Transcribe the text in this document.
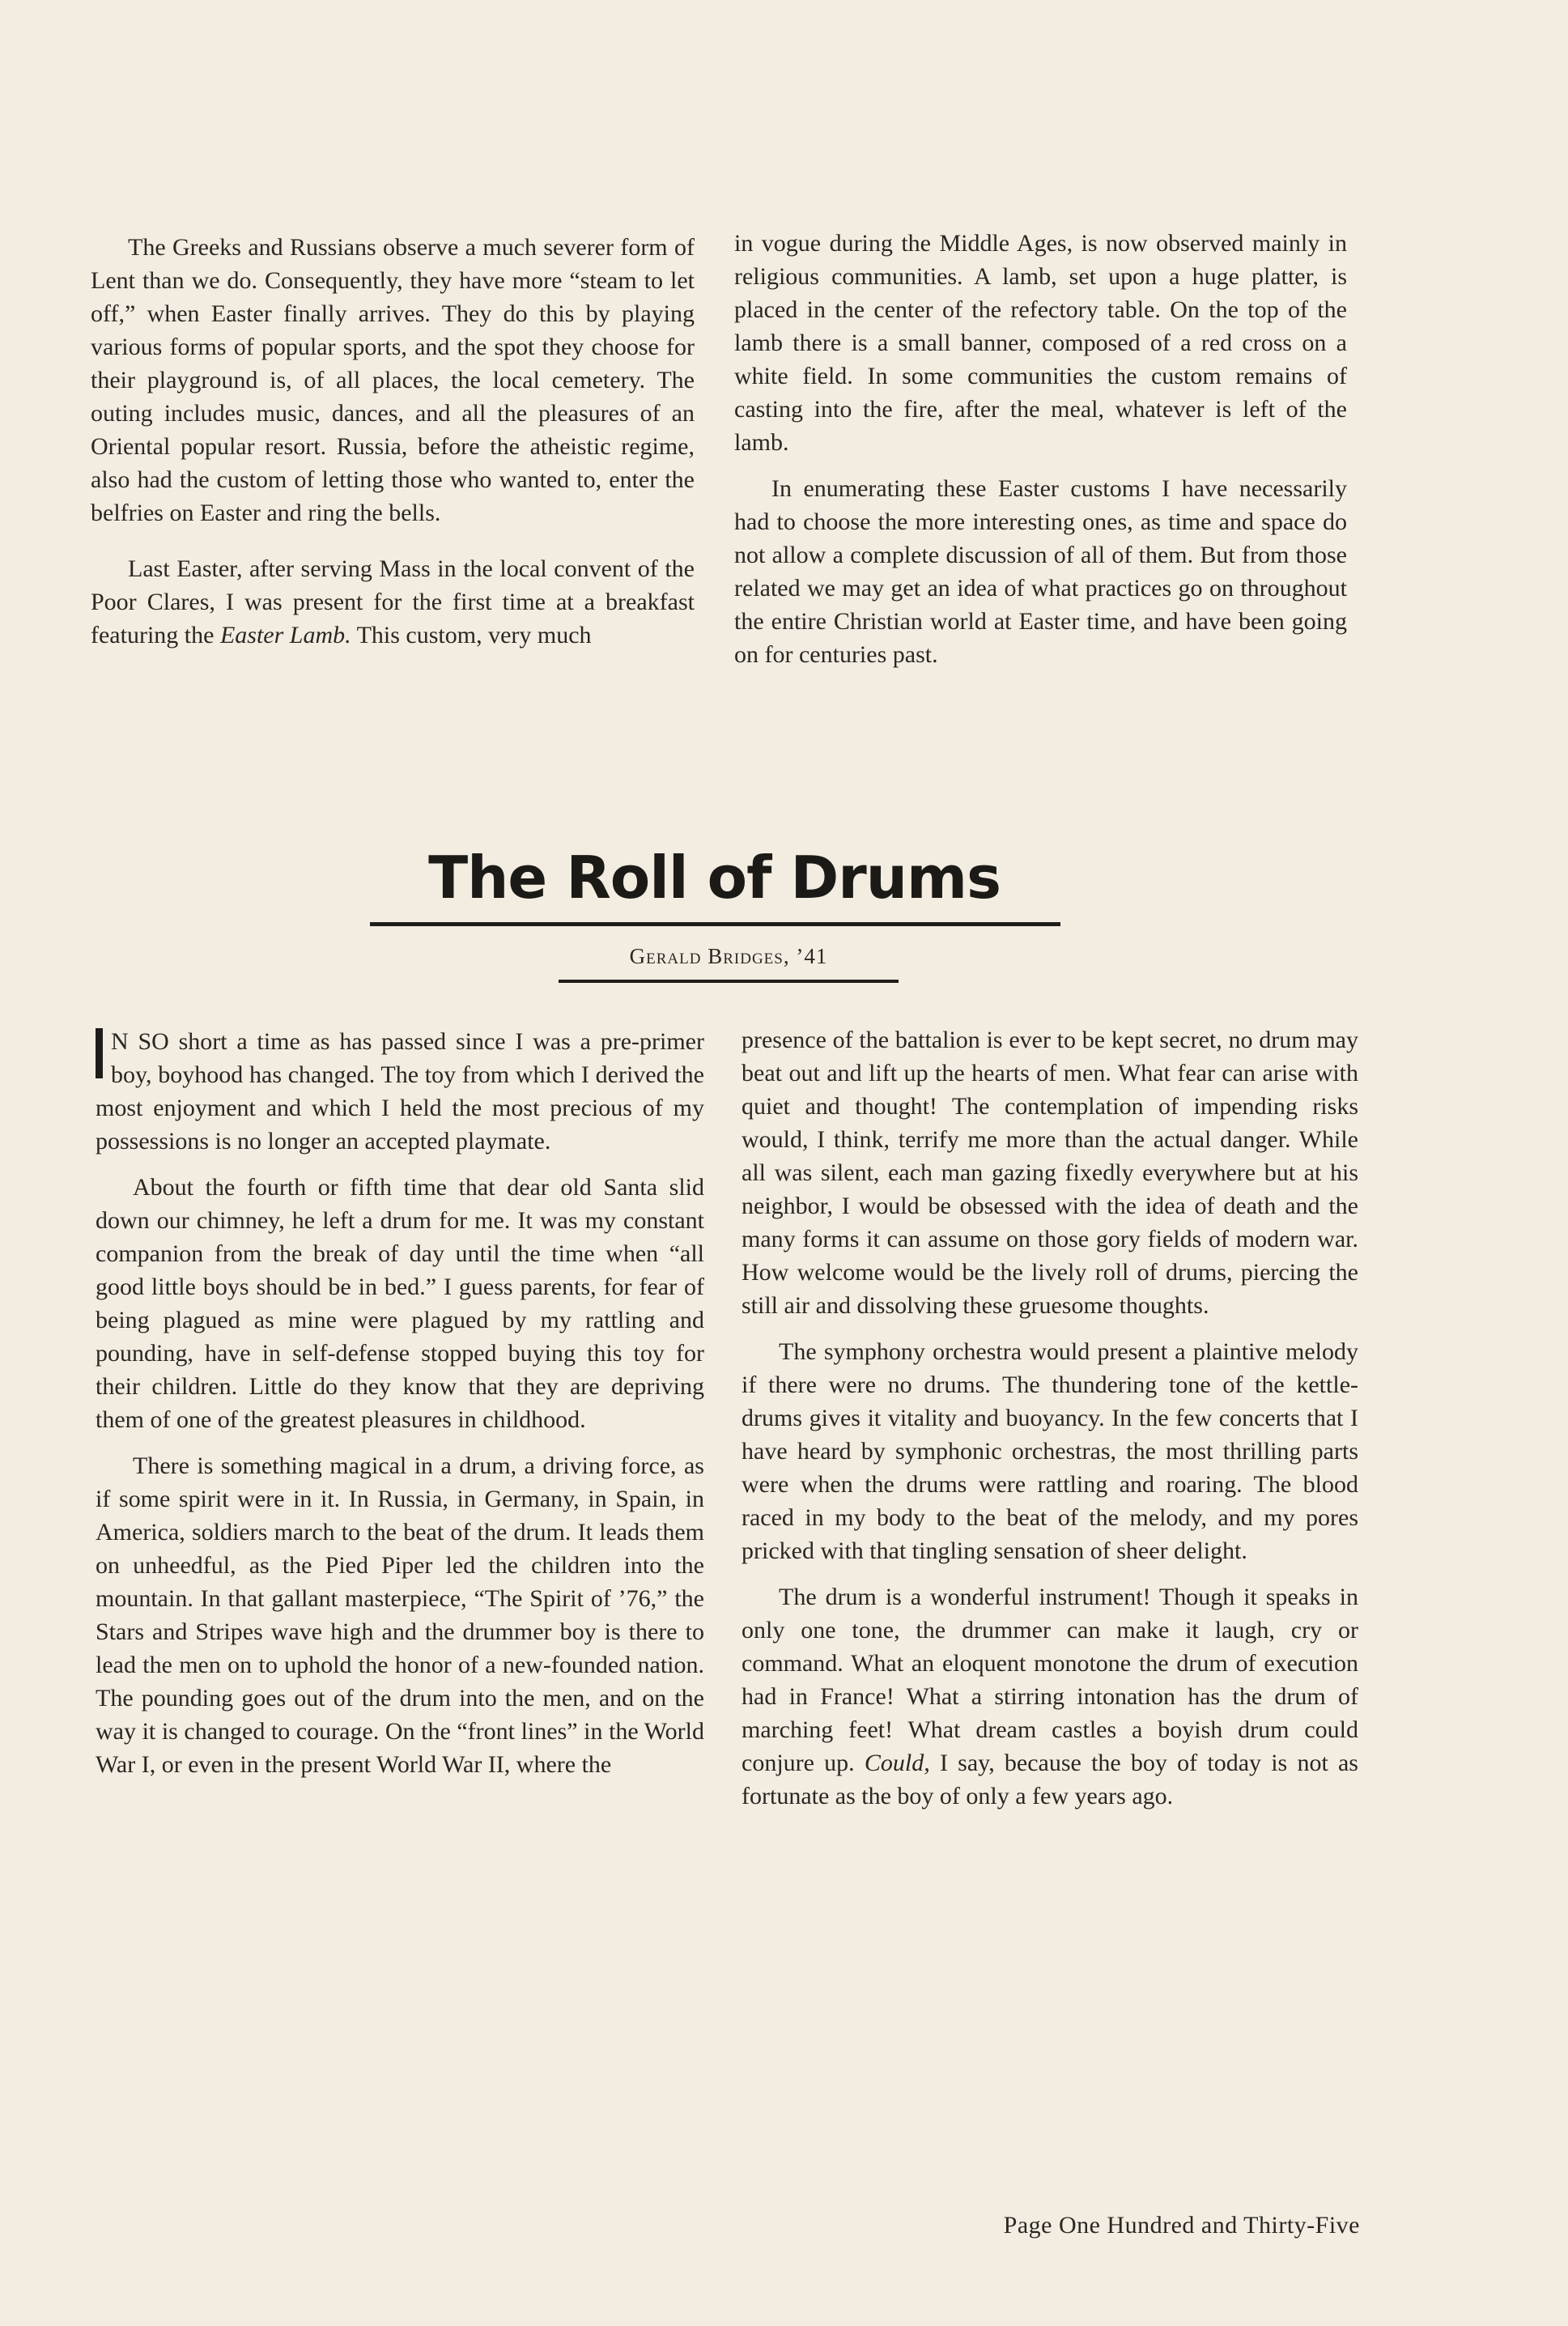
The Greeks and Russians observe a much severer form of Lent than we do. Consequently, they have more “steam to let off,” when Easter finally arrives. They do this by playing various forms of popular sports, and the spot they choose for their playground is, of all places, the local cemetery. The outing includes music, dances, and all the pleasures of an Oriental popular resort. Russia, before the atheistic regime, also had the custom of letting those who wanted to, enter the belfries on Easter and ring the bells.

Last Easter, after serving Mass in the local convent of the Poor Clares, I was present for the first time at a breakfast featuring the Easter Lamb. This custom, very much

in vogue during the Middle Ages, is now observed mainly in religious communities. A lamb, set upon a huge platter, is placed in the center of the refectory table. On the top of the lamb there is a small banner, composed of a red cross on a white field. In some communities the custom remains of casting into the fire, after the meal, whatever is left of the lamb.

In enumerating these Easter customs I have necessarily had to choose the more interesting ones, as time and space do not allow a complete discussion of all of them. But from those related we may get an idea of what practices go on throughout the entire Christian world at Easter time, and have been going on for centuries past.

The Roll of Drums
Gerald Bridges, ’41

N SO short a time as has passed since I was a pre-primer boy, boyhood has changed. The toy from which I derived the most enjoyment and which I held the most precious of my possessions is no longer an accepted playmate.

About the fourth or fifth time that dear old Santa slid down our chimney, he left a drum for me. It was my constant companion from the break of day until the time when “all good little boys should be in bed.” I guess parents, for fear of being plagued as mine were plagued by my rattling and pounding, have in self-defense stopped buying this toy for their children. Little do they know that they are depriving them of one of the greatest pleasures in childhood.

There is something magical in a drum, a driving force, as if some spirit were in it. In Russia, in Germany, in Spain, in America, soldiers march to the beat of the drum. It leads them on unheedful, as the Pied Piper led the children into the mountain. In that gallant masterpiece, “The Spirit of ’76,” the Stars and Stripes wave high and the drummer boy is there to lead the men on to uphold the honor of a new-founded nation. The pounding goes out of the drum into the men, and on the way it is changed to courage. On the “front lines” in the World War I, or even in the present World War II, where the

presence of the battalion is ever to be kept secret, no drum may beat out and lift up the hearts of men. What fear can arise with quiet and thought! The contemplation of impending risks would, I think, terrify me more than the actual danger. While all was silent, each man gazing fixedly everywhere but at his neighbor, I would be obsessed with the idea of death and the many forms it can assume on those gory fields of modern war. How welcome would be the lively roll of drums, piercing the still air and dissolving these gruesome thoughts.

The symphony orchestra would present a plaintive melody if there were no drums. The thundering tone of the kettle-drums gives it vitality and buoyancy. In the few concerts that I have heard by symphonic orchestras, the most thrilling parts were when the drums were rattling and roaring. The blood raced in my body to the beat of the melody, and my pores pricked with that tingling sensation of sheer delight.

The drum is a wonderful instrument! Though it speaks in only one tone, the drummer can make it laugh, cry or command. What an eloquent monotone the drum of execution had in France! What a stirring intonation has the drum of marching feet! What dream castles a boyish drum could conjure up. Could, I say, because the boy of today is not as fortunate as the boy of only a few years ago.

Page One Hundred and Thirty-Five
